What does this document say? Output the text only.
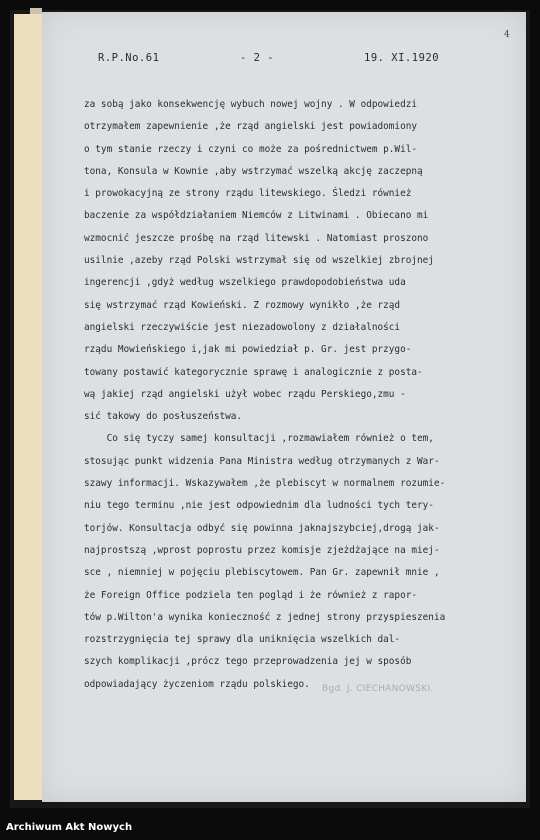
4
R.P.No.61	- 2 -	19. XI.1920
za sobą jako konsekwencję wybuch nowej wojny . W odpowiedzi
otrzymałem zapewnienie ,że rząd angielski jest powiadomiony
o tym stanie rzeczy i czyni co może za pośrednictwem p.Wil-
tona, Konsula w Kownie ,aby wstrzymać wszelką akcję zaczepną
i prowokacyjną ze strony rządu litewskiego. Śledzi również
baczenie za współdziałaniem Niemców z Litwinami . Obiecano mi
wzmocnić jeszcze prośbę na rząd litewski . Natomiast proszono
usilnie ,azeby rząd Polski wstrzymał się od wszelkiej zbrojnej
ingerencji ,gdyż według wszelkiego prawdopodobieństwa uda
się wstrzymać rząd Kowieński. Z rozmowy wynikło ,że rząd
angielski rzeczywiście jest niezadowolony z działalności
rządu Mowieńskiego i,jak mi powiedział p. Gr. jest przygo-
towany postawić kategorycznie sprawę i analogicznie z posta-
wą jakiej rząd angielski użył wobec rządu Perskiego,zmu -
sić takowy do posłuszeństwa.
Co się tyczy samej konsultacji ,rozmawiałem również o tem,
stosując punkt widzenia Pana Ministra według otrzymanych z War-
szawy informacji. Wskazywałem ,że plebiscyt w normalnem rozumie-
niu tego terminu ,nie jest odpowiednim dla ludności tych tery-
torjów. Konsultacja odbyć się powinna jaknajszybciej,drogą jak-
najprostszą ,wprost poprostu przez komisje zjeżdżające na miej-
sce , niemniej w pojęciu plebiscytowem. Pan Gr. zapewnił mnie ,
że Foreign Office podziela ten pogląd i że również z rapor-
tów p.Wilton'a wynika konieczność z jednej strony przyspieszenia
rozstrzygnięcia tej sprawy dla uniknięcia wszelkich dal-
szych komplikacji ,prócz tego przeprowadzenia jej w sposób
odpowiadający życzeniom rządu polskiego.	Bgd. J. CIECHANOWSKI.
Archiwum Akt Nowych
